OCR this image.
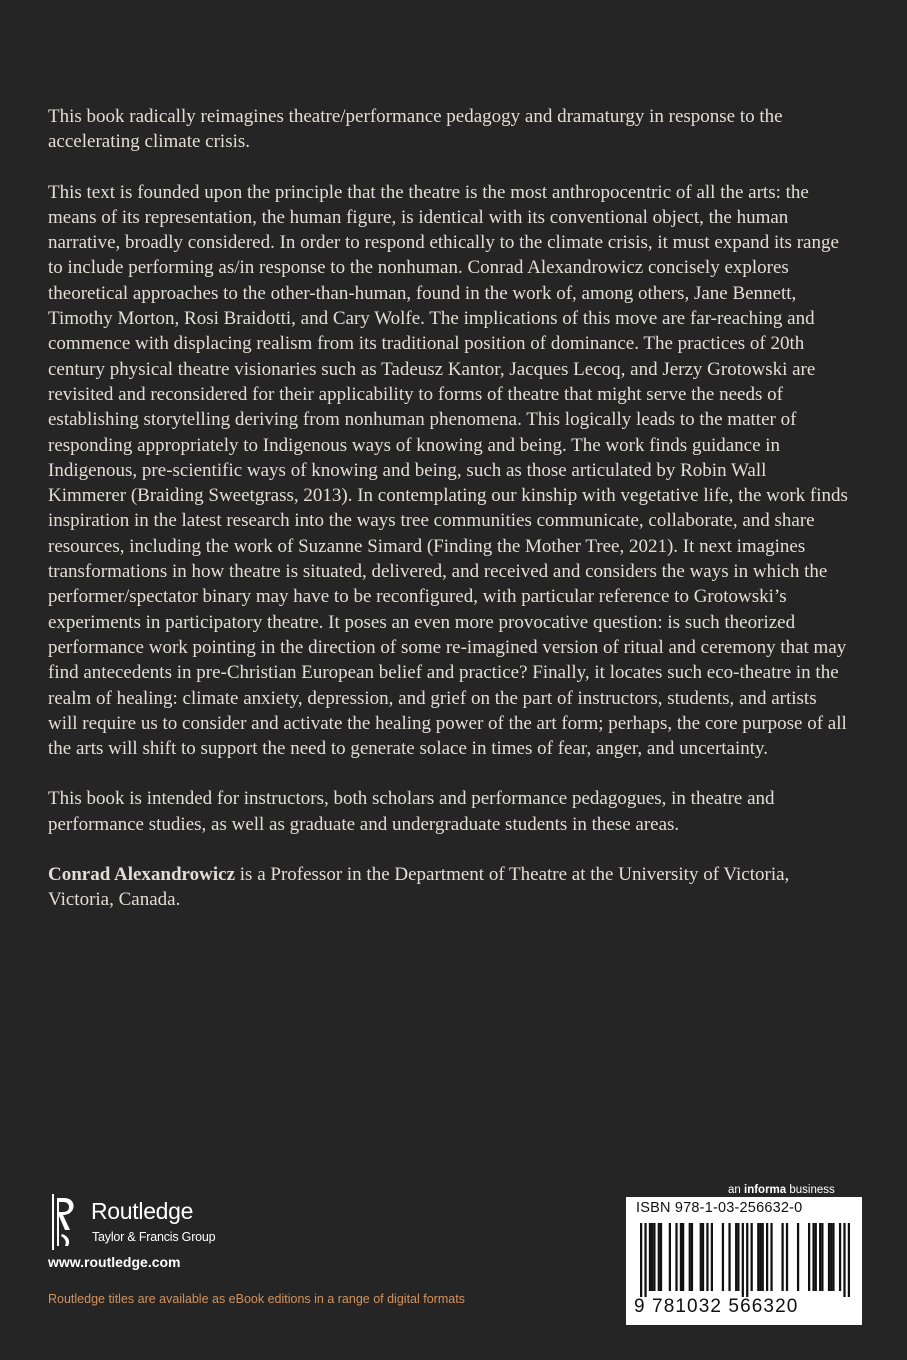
This book radically reimagines theatre/performance pedagogy and dramaturgy in response to the accelerating climate crisis.

This text is founded upon the principle that the theatre is the most anthropocentric of all the arts: the means of its representation, the human figure, is identical with its conventional object, the human narrative, broadly considered. In order to respond ethically to the climate crisis, it must expand its range to include performing as/in response to the nonhuman. Conrad Alexandrowicz concisely explores theoretical approaches to the other-than-human, found in the work of, among others, Jane Bennett, Timothy Morton, Rosi Braidotti, and Cary Wolfe. The implications of this move are far-reaching and commence with displacing realism from its traditional position of dominance. The practices of 20th century physical theatre visionaries such as Tadeusz Kantor, Jacques Lecoq, and Jerzy Grotowski are revisited and reconsidered for their applicability to forms of theatre that might serve the needs of establishing storytelling deriving from nonhuman phenomena. This logically leads to the matter of responding appropriately to Indigenous ways of knowing and being. The work finds guidance in Indigenous, pre-scientific ways of knowing and being, such as those articulated by Robin Wall Kimmerer (Braiding Sweetgrass, 2013). In contemplating our kinship with vegetative life, the work finds inspiration in the latest research into the ways tree communities communicate, collaborate, and share resources, including the work of Suzanne Simard (Finding the Mother Tree, 2021). It next imagines transformations in how theatre is situated, delivered, and received and considers the ways in which the performer/spectator binary may have to be reconfigured, with particular reference to Grotowski’s experiments in participatory theatre. It poses an even more provocative question: is such theorized performance work pointing in the direction of some re-imagined version of ritual and ceremony that may find antecedents in pre-Christian European belief and practice? Finally, it locates such eco-theatre in the realm of healing: climate anxiety, depression, and grief on the part of instructors, students, and artists will require us to consider and activate the healing power of the art form; perhaps, the core purpose of all the arts will shift to support the need to generate solace in times of fear, anger, and uncertainty.

This book is intended for instructors, both scholars and performance pedagogues, in theatre and performance studies, as well as graduate and undergraduate students in these areas.

Conrad Alexandrowicz is a Professor in the Department of Theatre at the University of Victoria, Victoria, Canada.

Routledge
Taylor & Francis Group
www.routledge.com
Routledge titles are available as eBook editions in a range of digital formats
an informa business
ISBN 978-1-03-256632-0
9 781032 566320
